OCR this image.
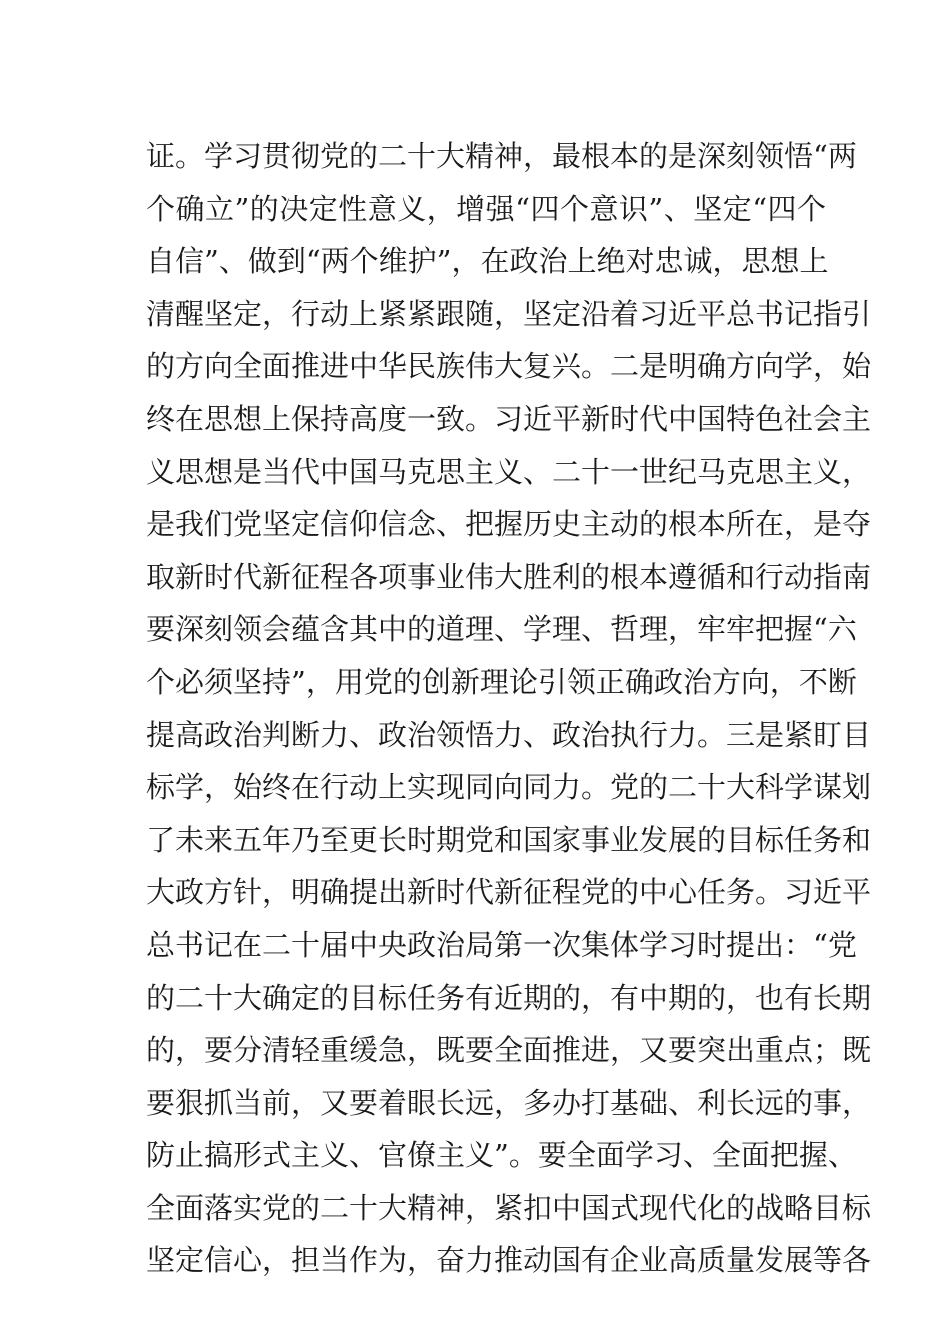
证。学习贯彻党的二十大精神，最根本的是深刻领悟“两
个确立”的决定性意义，增强“四个意识”、坚定“四个
自信”、做到“两个维护”，在政治上绝对忠诚，思想上
清醒坚定，行动上紧紧跟随，坚定沿着习近平总书记指引
的方向全面推进中华民族伟大复兴。二是明确方向学，始
终在思想上保持高度一致。习近平新时代中国特色社会主
义思想是当代中国马克思主义、二十一世纪马克思主义，
是我们党坚定信仰信念、把握历史主动的根本所在，是夺
取新时代新征程各项事业伟大胜利的根本遵循和行动指南
要深刻领会蕴含其中的道理、学理、哲理，牢牢把握“六
个必须坚持”，用党的创新理论引领正确政治方向，不断
提高政治判断力、政治领悟力、政治执行力。三是紧盯目
标学，始终在行动上实现同向同力。党的二十大科学谋划
了未来五年乃至更长时期党和国家事业发展的目标任务和
大政方针，明确提出新时代新征程党的中心任务。习近平
总书记在二十届中央政治局第一次集体学习时提出：“党
的二十大确定的目标任务有近期的，有中期的，也有长期
的，要分清轻重缓急，既要全面推进，又要突出重点；既
要狠抓当前，又要着眼长远，多办打基础、利长远的事，
防止搞形式主义、官僚主义”。要全面学习、全面把握、
全面落实党的二十大精神，紧扣中国式现代化的战略目标
坚定信心，担当作为，奋力推动国有企业高质量发展等各
